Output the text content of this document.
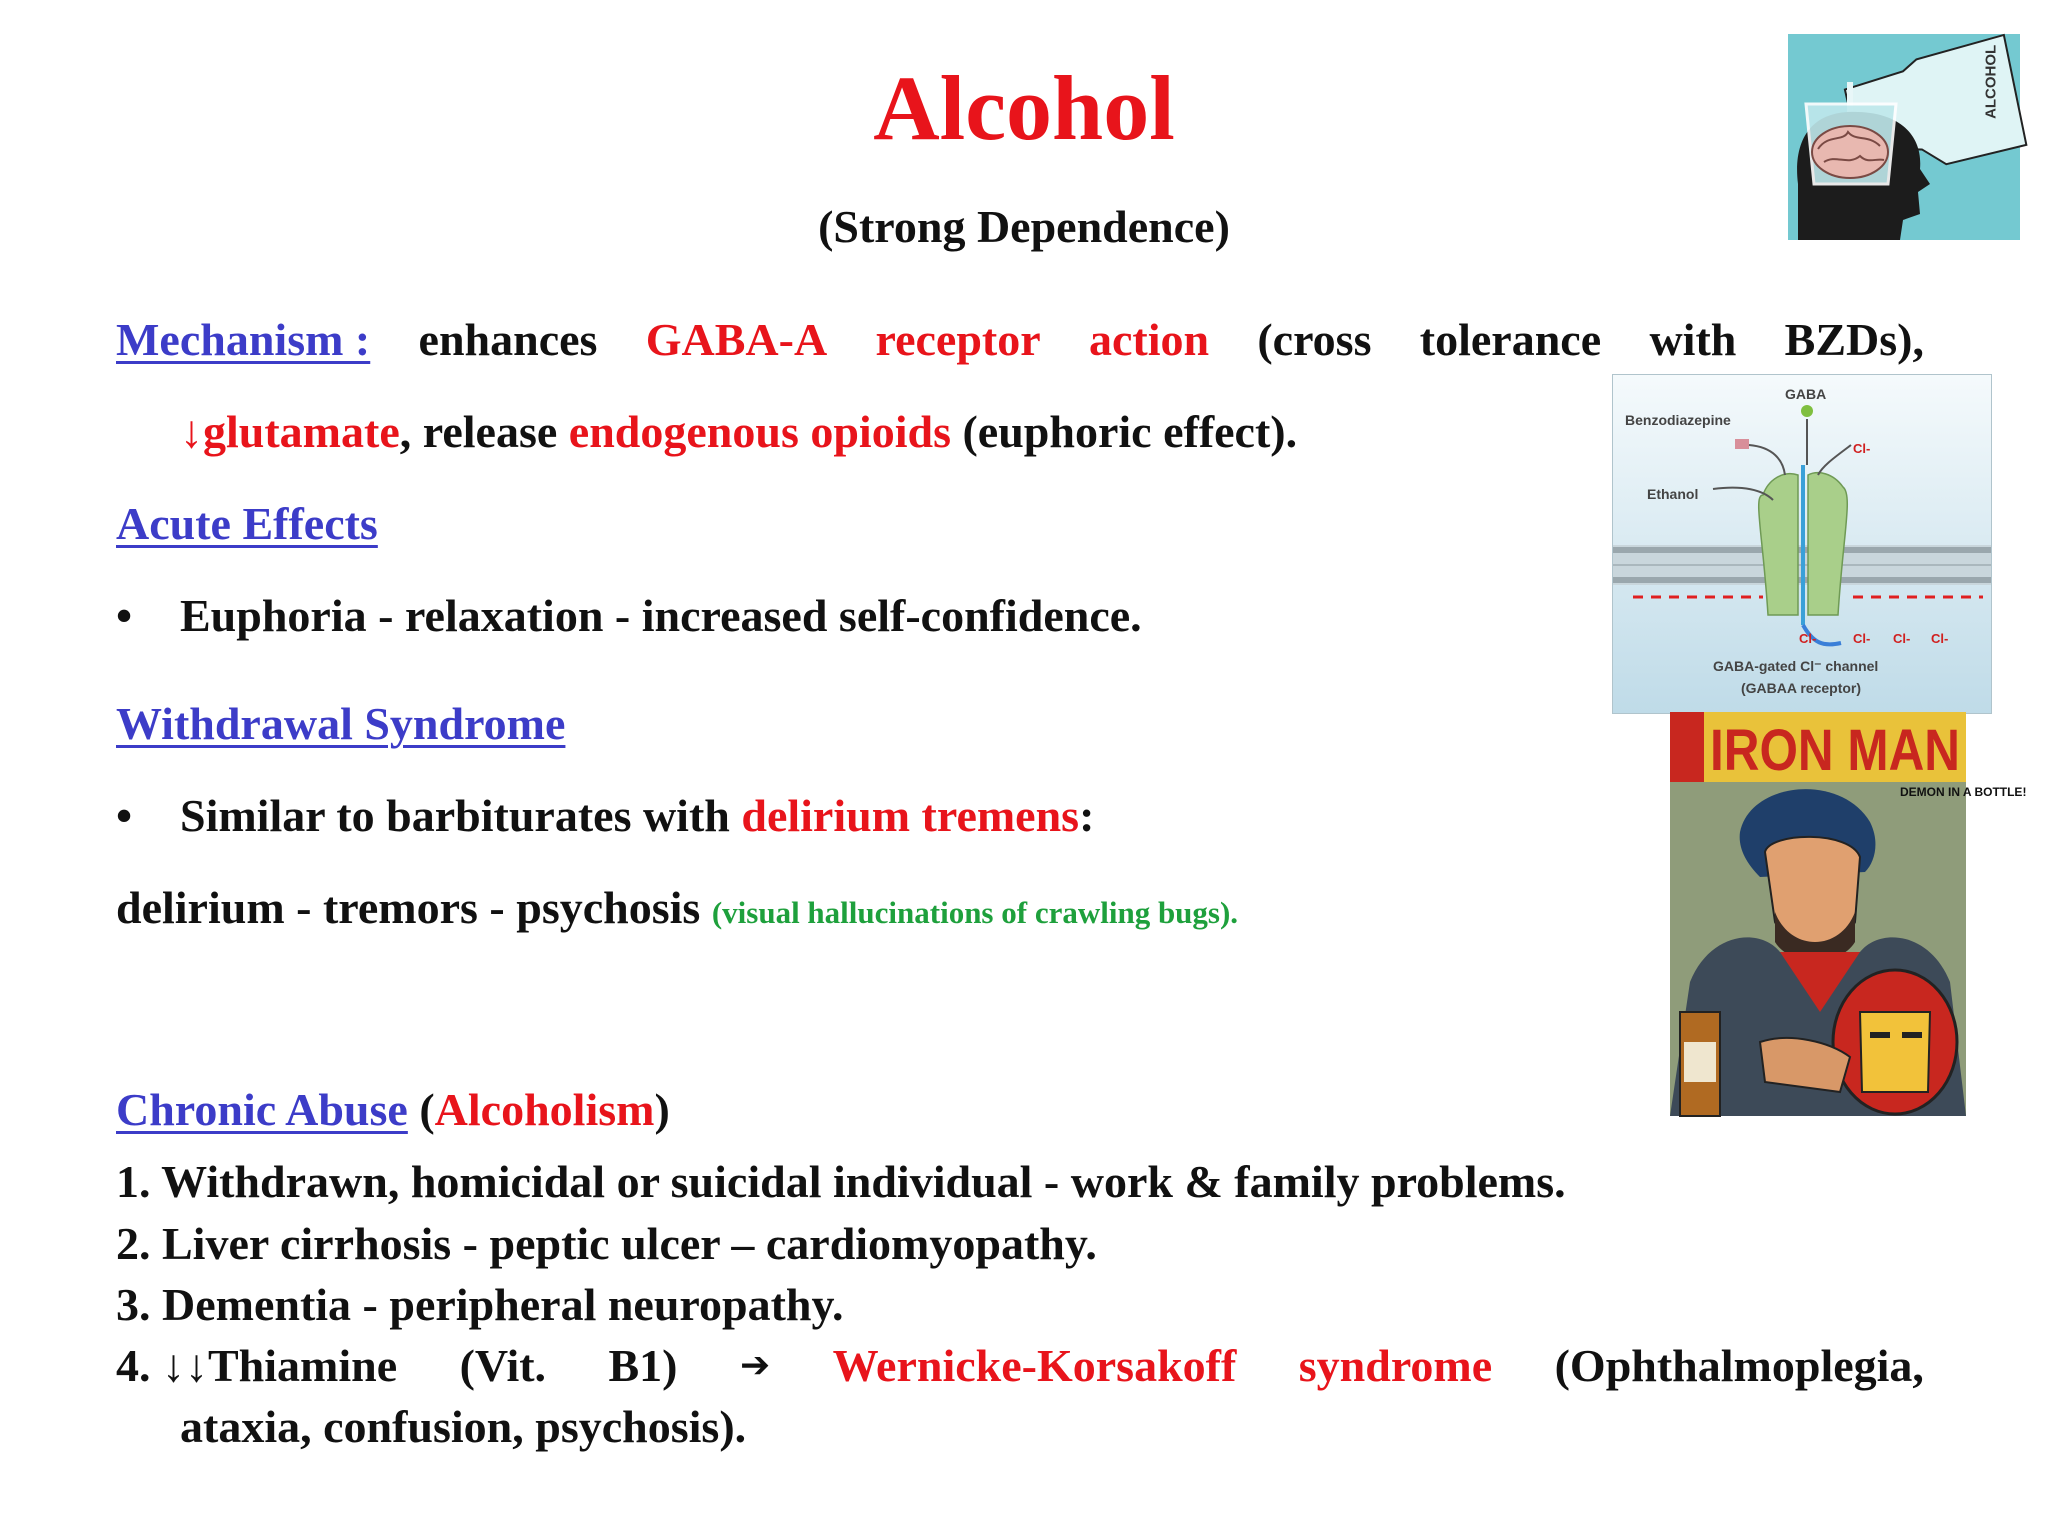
Alcohol
(Strong Dependence)
ALCOHOL
Mechanism : enhances GABA-A receptor action (cross tolerance with BZDs),
↓glutamate, release endogenous opioids (euphoric effect).
GABA
Benzodiazepine
Ethanol
Cl-
Cl-	Cl- Cl- Cl-
GABA-gated Cl⁻ channel
(GABAA receptor)
Acute Effects
• Euphoria - relaxation - increased self-confidence.
Withdrawal Syndrome
• Similar to barbiturates with delirium tremens:
delirium - tremors - psychosis (visual hallucinations of crawling bugs).
IRON MAN
DEMON IN A BOTTLE!
Chronic Abuse (Alcoholism)
1. Withdrawn, homicidal or suicidal individual - work & family problems.
2. Liver cirrhosis - peptic ulcer – cardiomyopathy.
3. Dementia - peripheral neuropathy.
4. ↓↓Thiamine (Vit. B1) ➔ Wernicke-Korsakoff syndrome (Ophthalmoplegia,
ataxia, confusion, psychosis).
